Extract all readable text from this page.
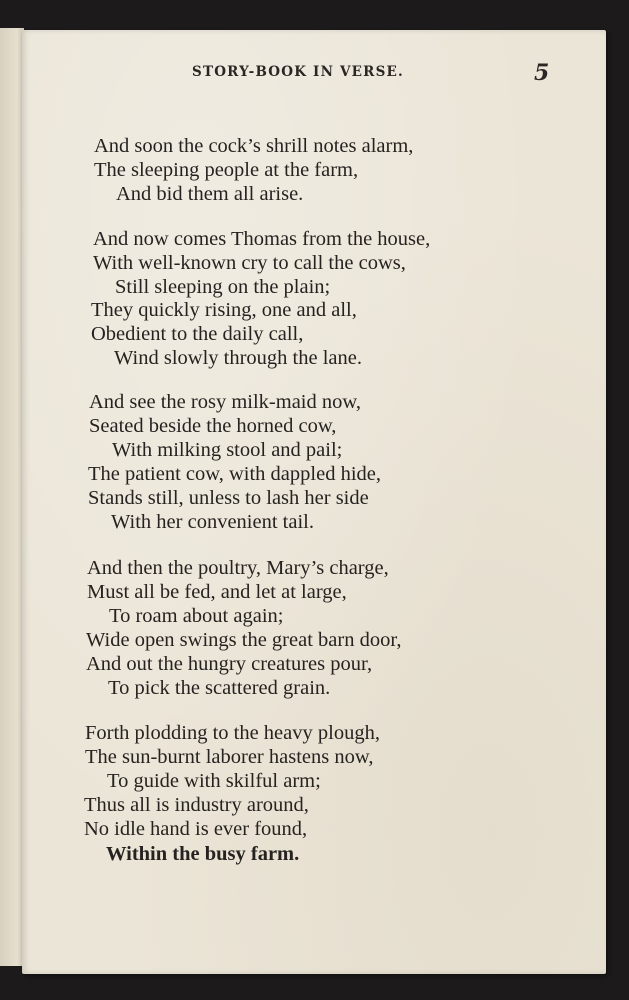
STORY-BOOK IN VERSE.	5
And soon the cock’s shrill notes alarm,
The sleeping people at the farm,
And bid them all arise.
And now comes Thomas from the house,
With well-known cry to call the cows,
Still sleeping on the plain;
They quickly rising, one and all,
Obedient to the daily call,
Wind slowly through the lane.
And see the rosy milk-maid now,
Seated beside the horned cow,
With milking stool and pail;
The patient cow, with dappled hide,
Stands still, unless to lash her side
With her convenient tail.
And then the poultry, Mary’s charge,
Must all be fed, and let at large,
To roam about again;
Wide open swings the great barn door,
And out the hungry creatures pour,
To pick the scattered grain.
Forth plodding to the heavy plough,
The sun-burnt laborer hastens now,
To guide with skilful arm;
Thus all is industry around,
No idle hand is ever found,
Within the busy farm.
